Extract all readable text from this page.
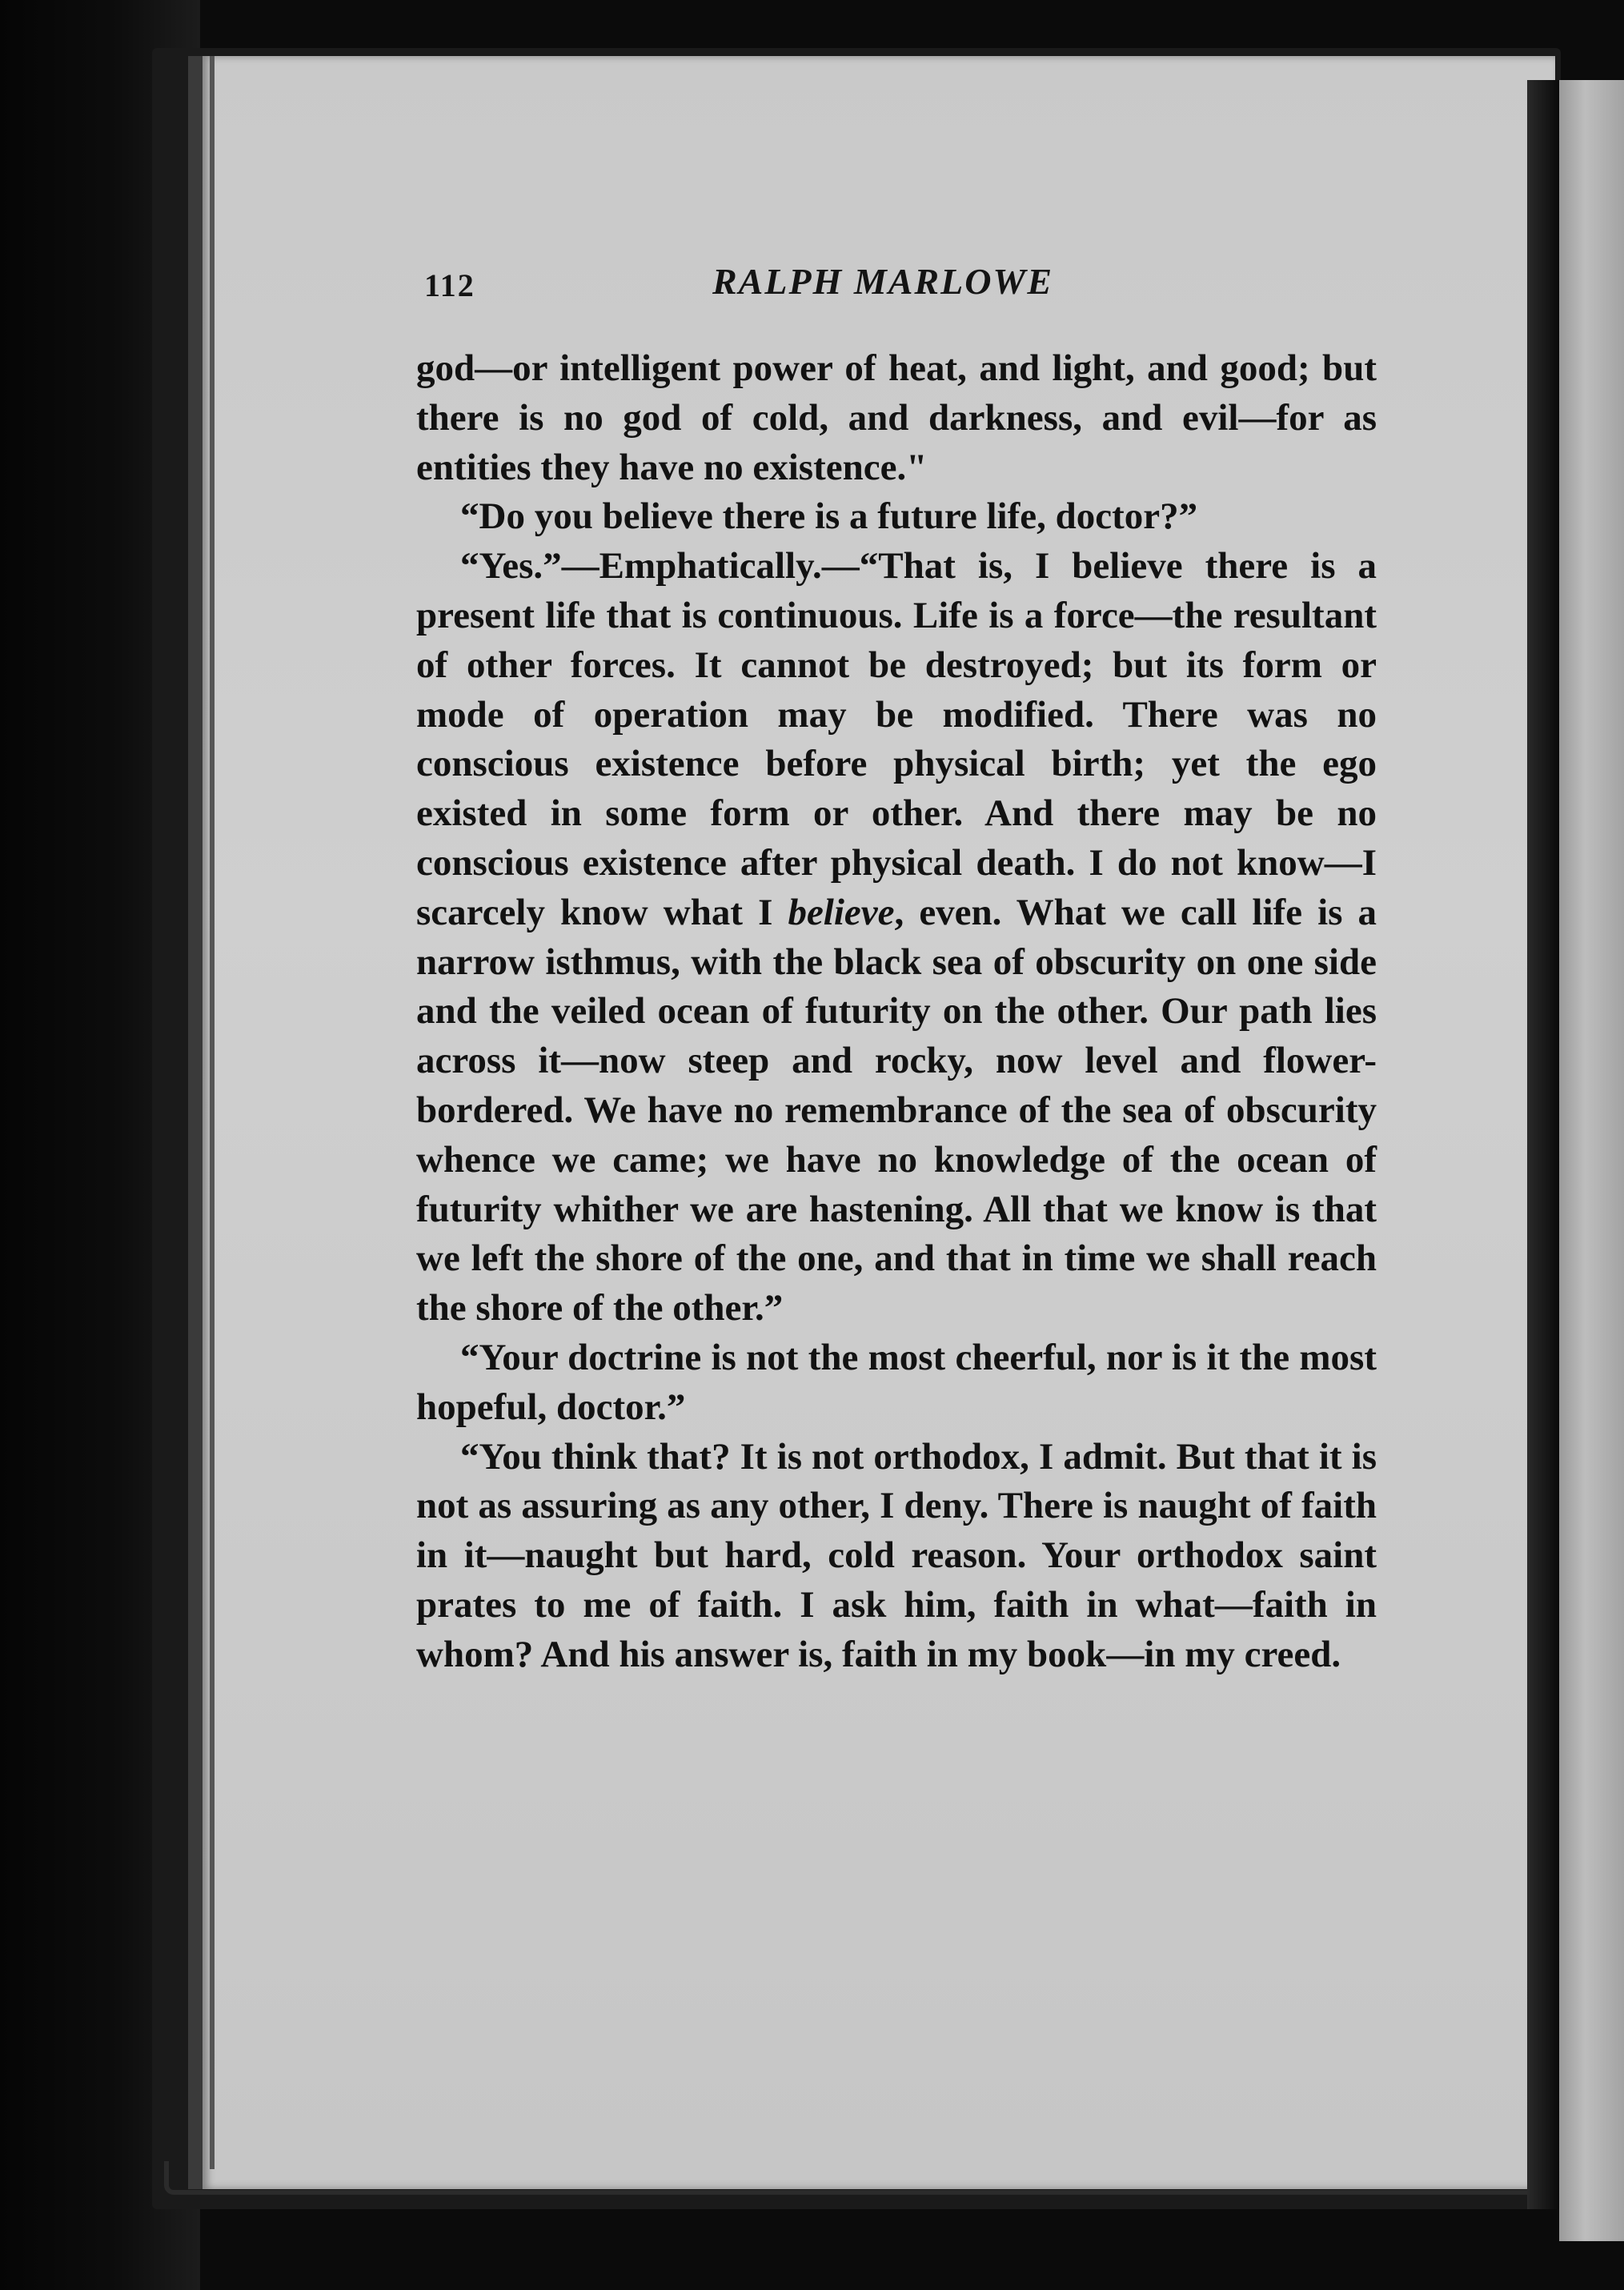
112	RALPH MARLOWE

god—or intelligent power of heat, and light, and good; but there is no god of cold, and darkness, and evil—for as entities they have no existence."

“Do you believe there is a future life, doctor?”

“Yes.”—Emphatically.—“That is, I believe there is a present life that is continuous. Life is a force—the resultant of other forces. It cannot be destroyed; but its form or mode of operation may be modified. There was no conscious existence before physical birth; yet the ego existed in some form or other. And there may be no conscious existence after physical death. I do not know—I scarcely know what I believe, even. What we call life is a narrow isthmus, with the black sea of obscurity on one side and the veiled ocean of futurity on the other. Our path lies across it—now steep and rocky, now level and flower-bordered. We have no remembrance of the sea of obscurity whence we came; we have no knowledge of the ocean of futurity whither we are hastening. All that we know is that we left the shore of the one, and that in time we shall reach the shore of the other.”

“Your doctrine is not the most cheerful, nor is it the most hopeful, doctor.”

“You think that? It is not orthodox, I admit. But that it is not as assuring as any other, I deny. There is naught of faith in it—naught but hard, cold reason. Your orthodox saint prates to me of faith. I ask him, faith in what—faith in whom? And his answer is, faith in my book—in my creed.
